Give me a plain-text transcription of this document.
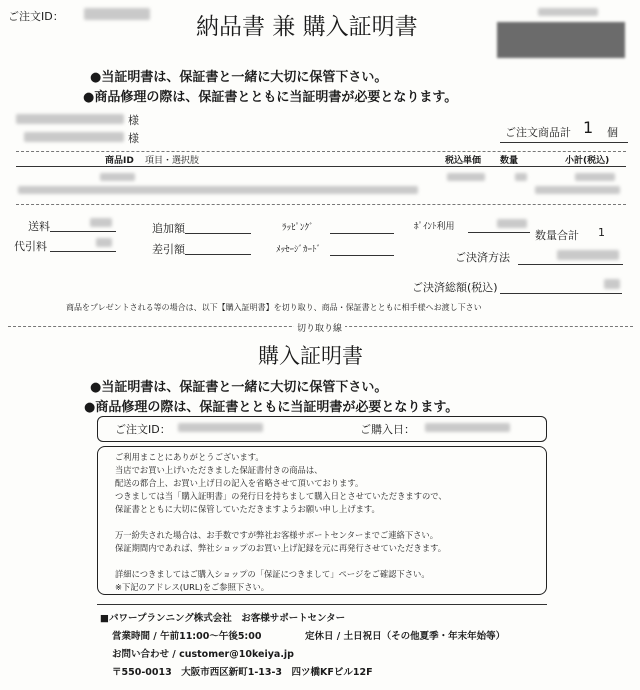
ご注文ID：	納品書 兼 購入証明書
●当証明書は、保証書と一緒に大切に保管下さい。
●商品修理の際は、保証書とともに当証明書が必要となります。
様
様	ご注文商品計 1 個
商品ID 項目・選択肢	税込単価 数量	小計(税込)
送料
代引料
追加額
差引額
ﾗｯﾋﾟﾝｸﾞ
ﾒｯｾｰｼﾞｶｰﾄﾞ
ﾎﾟｲﾝﾄ利用
数量合計 1
ご決済方法
ご決済総額(税込)
商品をプレゼントされる等の場合は、以下【購入証明書】を切り取り、商品・保証書とともに相手様へお渡し下さい
切り取り線
購入証明書
●当証明書は、保証書と一緒に大切に保管下さい。
●商品修理の際は、保証書とともに当証明書が必要となります。
ご注文ID：	ご購入日：
ご利用まことにありがとうございます。
当店でお買い上げいただきました保証書付きの商品は、
配送の都合上、お買い上げ日の記入を省略させて頂いております。
つきましては当「購入証明書」の発行日を持ちまして購入日とさせていただきますので、
保証書とともに大切に保管していただきますようお願い申し上げます。
万一紛失された場合は、お手数ですが弊社お客様サポートセンターまでご連絡下さい。
保証期間内であれば、弊社ショップのお買い上げ記録を元に再発行させていただきます。
詳細につきましてはご購入ショップの「保証につきまして」ページをご確認下さい。
※下記のアドレス(URL)をご参照下さい。
■パワープランニング株式会社　お客様サポートセンター
営業時間 / 午前11:00～午後5:00	定休日 / 土日祝日（その他夏季・年末年始等）
お問い合わせ / customer@10keiya.jp
〒550-0013　大阪市西区新町1-13-3　四ツ橋KFビル12F
